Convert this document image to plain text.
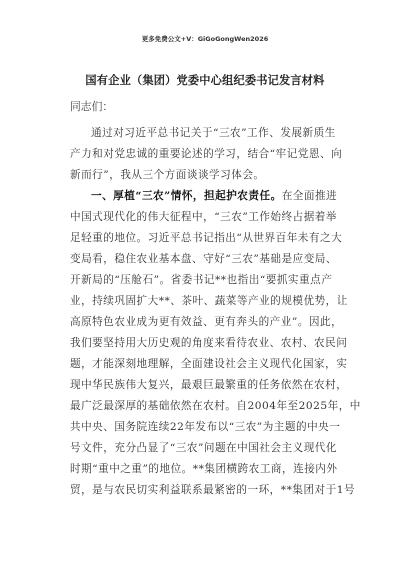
更多免费公文+V：GiGoGongWen2026
国有企业（集团）党委中心组纪委书记发言材料
同志们：
通过对习近平总书记关于“三农”工作、发展新质生
产力和对党忠诚的重要论述的学习，结合“牢记党恩、向
新而行”，我从三个方面谈谈学习体会。
一、厚植“三农”情怀，担起护农责任。在全面推进
中国式现代化的伟大征程中，“三农”工作始终占据着举
足轻重的地位。习近平总书记指出“从世界百年未有之大
变局看，稳住农业基本盘、守好“三农”基础是应变局、
开新局的“压舱石”。省委书记**也指出“要抓实重点产
业，持续巩固扩大**、茶叶、蔬菜等产业的规模优势，让
高原特色农业成为更有效益、更有奔头的产业”。因此，
我们要坚持用大历史观的角度来看待农业、农村、农民问
题，才能深刻地理解，全面建设社会主义现代化国家，实
现中华民族伟大复兴，最艰巨最繁重的任务依然在农村，
最广泛最深厚的基础依然在农村。自2004年至2025年，中
共中央、国务院连续22年发布以“三农”为主题的中央一
号文件，充分凸显了“三农”问题在中国社会主义现代化
时期“重中之重”的地位。**集团横跨农工商，连接内外
贸，是与农民切实利益联系最紧密的一环，**集团对于1号
